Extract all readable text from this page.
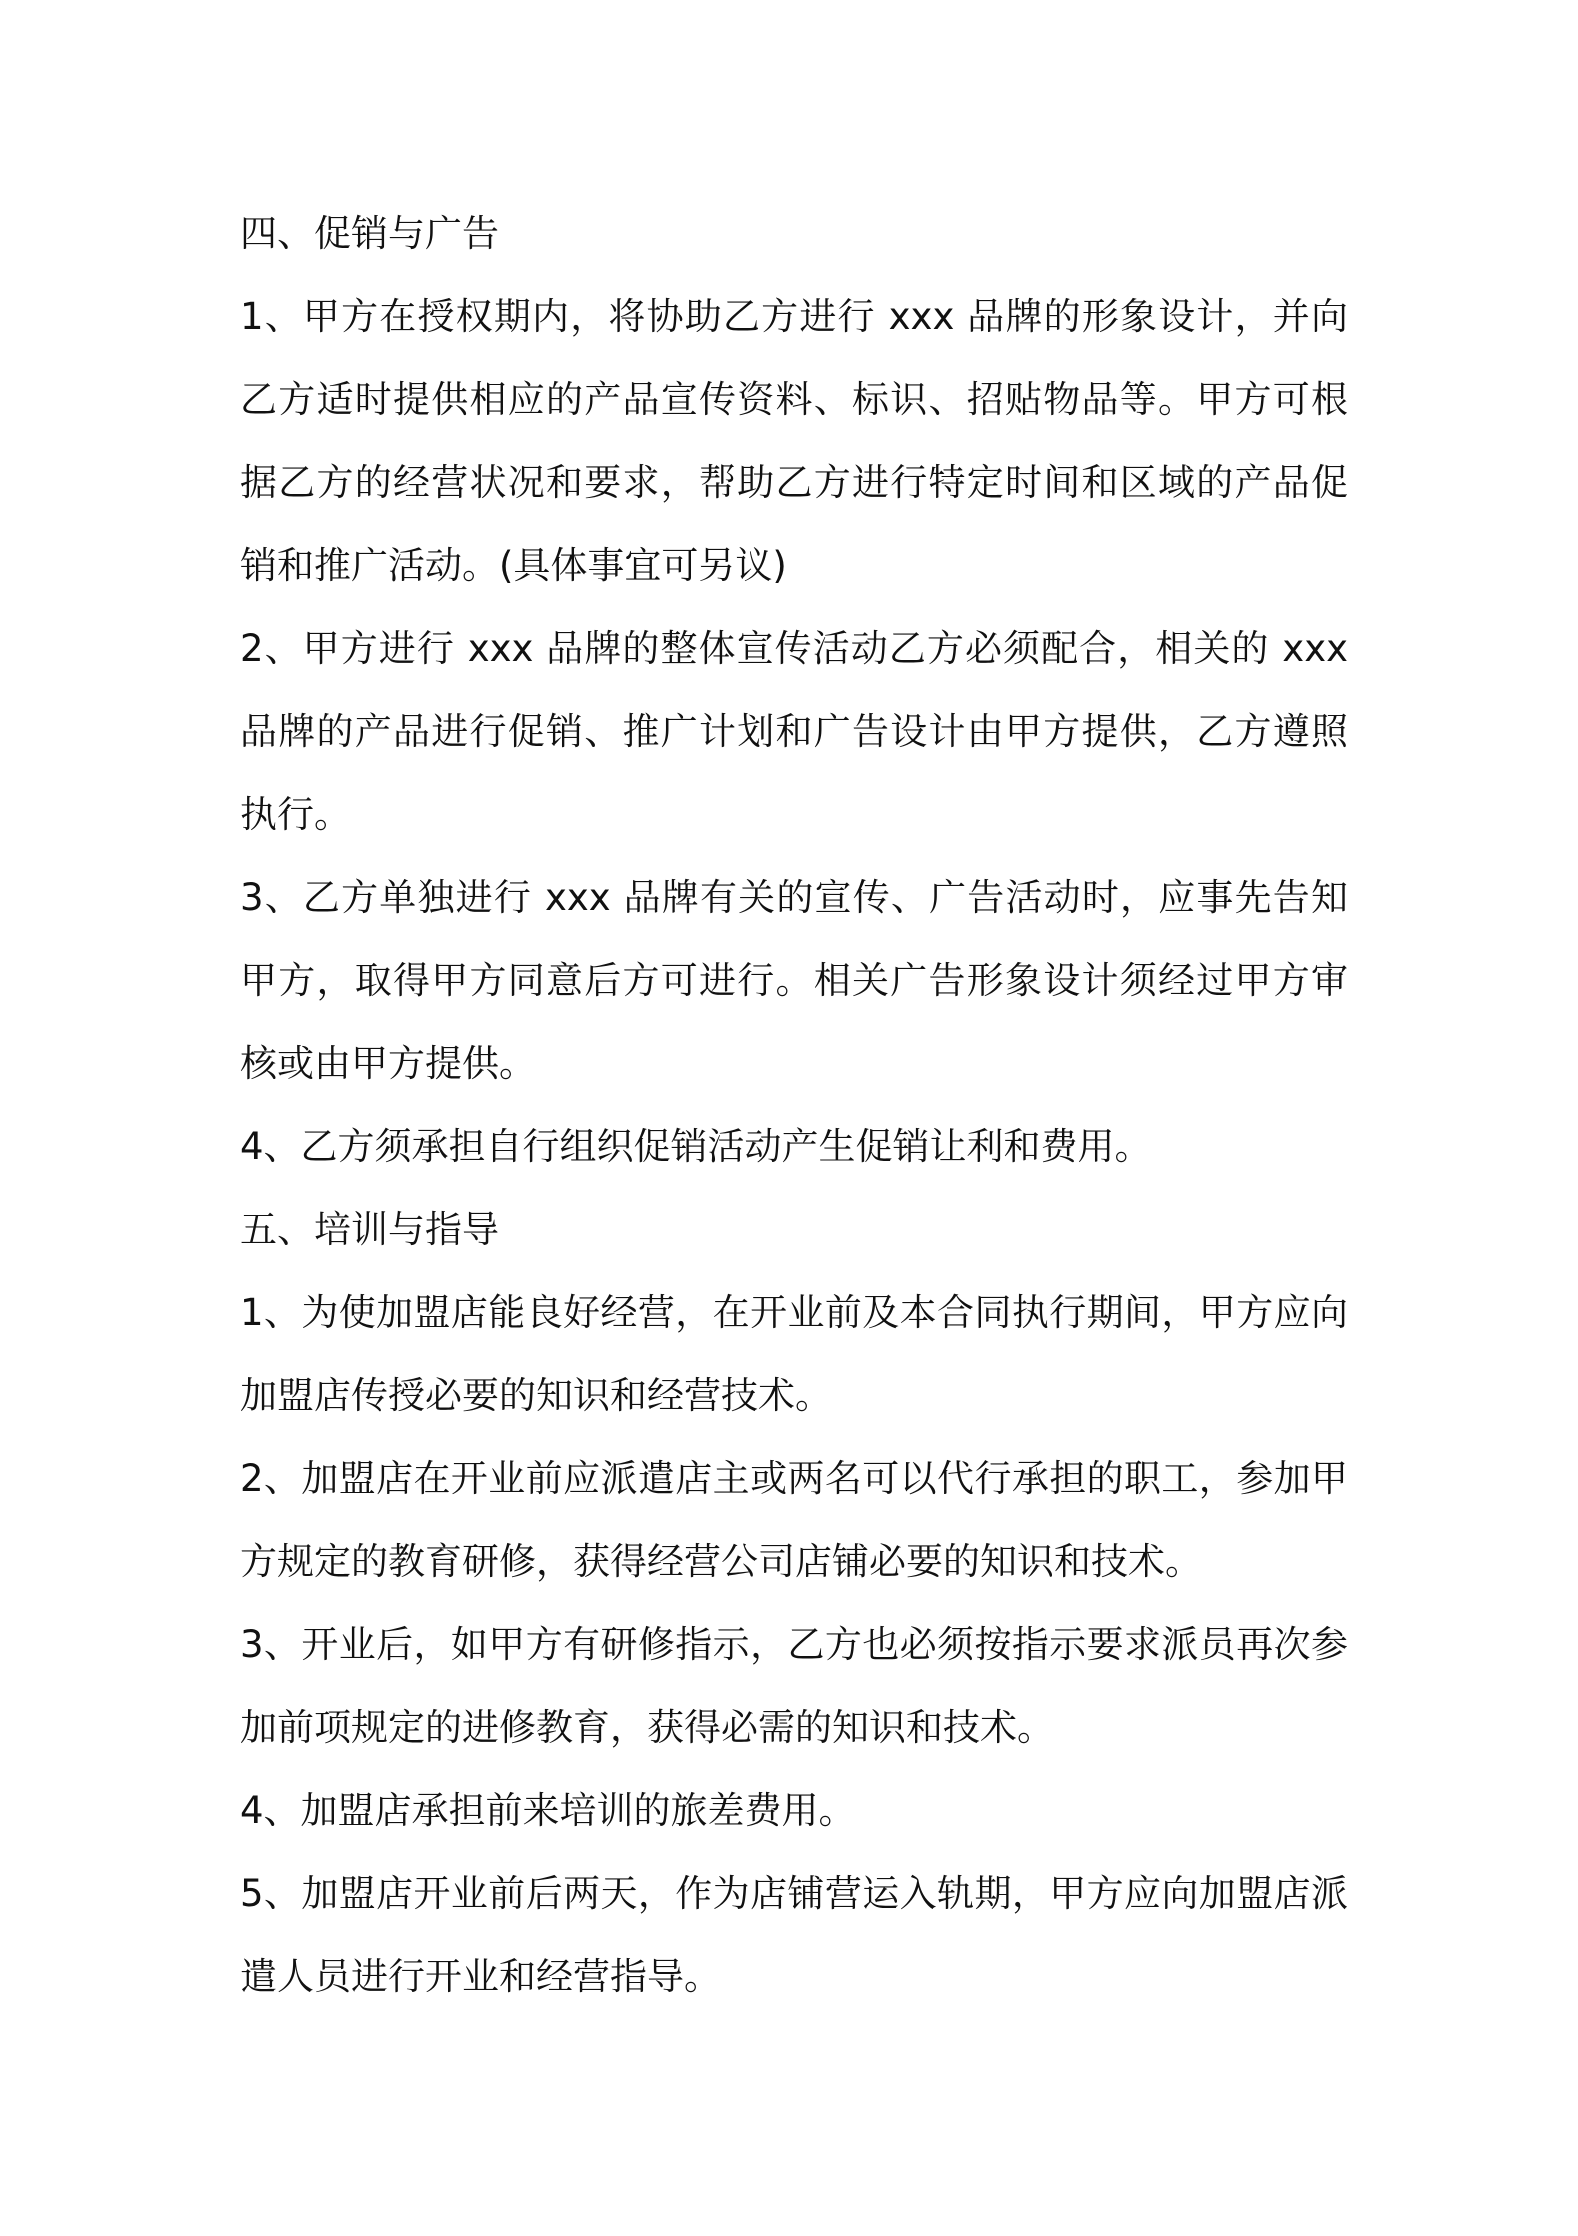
四、促销与广告

1、甲方在授权期内，将协助乙方进行 xxx 品牌的形象设计，并向乙方适时提供相应的产品宣传资料、标识、招贴物品等。甲方可根据乙方的经营状况和要求，帮助乙方进行特定时间和区域的产品促销和推广活动。(具体事宜可另议)

2、甲方进行 xxx 品牌的整体宣传活动乙方必须配合，相关的 xxx 品牌的产品进行促销、推广计划和广告设计由甲方提供，乙方遵照执行。

3、乙方单独进行 xxx 品牌有关的宣传、广告活动时，应事先告知甲方，取得甲方同意后方可进行。相关广告形象设计须经过甲方审核或由甲方提供。

4、乙方须承担自行组织促销活动产生促销让利和费用。

五、培训与指导

1、为使加盟店能良好经营，在开业前及本合同执行期间，甲方应向加盟店传授必要的知识和经营技术。

2、加盟店在开业前应派遣店主或两名可以代行承担的职工，参加甲方规定的教育研修，获得经营公司店铺必要的知识和技术。

3、开业后，如甲方有研修指示，乙方也必须按指示要求派员再次参加前项规定的进修教育，获得必需的知识和技术。

4、加盟店承担前来培训的旅差费用。

5、加盟店开业前后两天，作为店铺营运入轨期，甲方应向加盟店派遣人员进行开业和经营指导。
